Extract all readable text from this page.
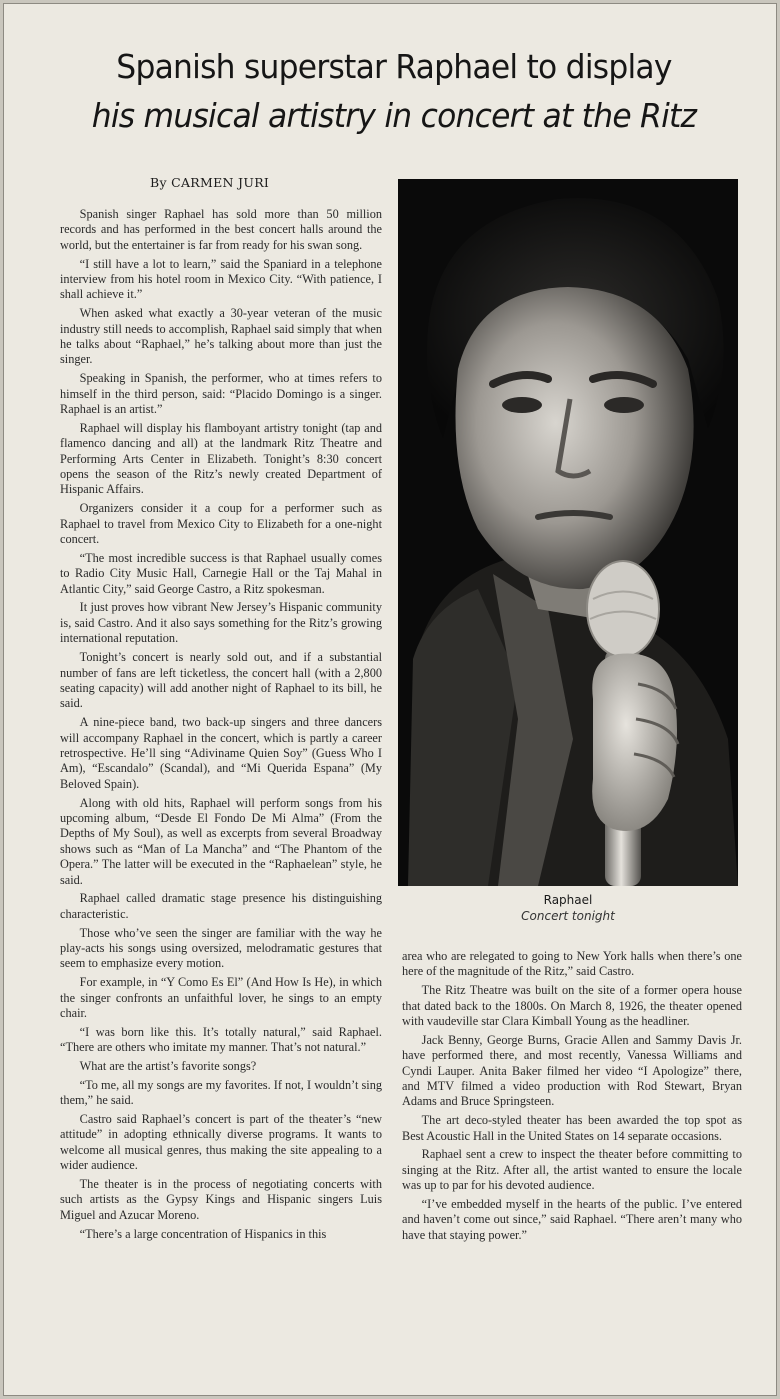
Spanish superstar Raphael to display
his musical artistry in concert at the Ritz
By CARMEN JURI

Spanish singer Raphael has sold more than 50 million records and has performed in the best concert halls around the world, but the entertainer is far from ready for his swan song.

“I still have a lot to learn,” said the Spaniard in a telephone interview from his hotel room in Mexico City. “With patience, I shall achieve it.”

When asked what exactly a 30-year veteran of the music industry still needs to accomplish, Raphael said simply that when he talks about “Raphael,” he’s talking about more than just the singer.

Speaking in Spanish, the performer, who at times refers to himself in the third person, said: “Placido Domingo is a singer. Raphael is an artist.”

Raphael will display his flamboyant artistry tonight (tap and flamenco dancing and all) at the landmark Ritz Theatre and Performing Arts Center in Elizabeth. Tonight’s 8:30 concert opens the season of the Ritz’s newly created Department of Hispanic Affairs.

Organizers consider it a coup for a performer such as Raphael to travel from Mexico City to Elizabeth for a one-night concert.

“The most incredible success is that Raphael usually comes to Radio City Music Hall, Carnegie Hall or the Taj Mahal in Atlantic City,” said George Castro, a Ritz spokesman.

It just proves how vibrant New Jersey’s Hispanic community is, said Castro. And it also says something for the Ritz’s growing international reputation.

Tonight’s concert is nearly sold out, and if a substantial number of fans are left ticketless, the concert hall (with a 2,800 seating capacity) will add another night of Raphael to its bill, he said.

A nine-piece band, two back-up singers and three dancers will accompany Raphael in the concert, which is partly a career retrospective. He’ll sing “Adiviname Quien Soy” (Guess Who I Am), “Escandalo” (Scandal), and “Mi Querida Espana” (My Beloved Spain).

Along with old hits, Raphael will perform songs from his upcoming album, “Desde El Fondo De Mi Alma” (From the Depths of My Soul), as well as excerpts from several Broadway shows such as “Man of La Mancha” and “The Phantom of the Opera.” The latter will be executed in the “Raphaelean” style, he said.

Raphael called dramatic stage presence his distinguishing characteristic.

Those who’ve seen the singer are familiar with the way he play-acts his songs using oversized, melodramatic gestures that seem to emphasize every motion.

For example, in “Y Como Es El” (And How Is He), in which the singer confronts an unfaithful lover, he sings to an empty chair.

“I was born like this. It’s totally natural,” said Raphael. “There are others who imitate my manner. That’s not natural.”

What are the artist’s favorite songs?

“To me, all my songs are my favorites. If not, I wouldn’t sing them,” he said.

Castro said Raphael’s concert is part of the theater’s “new attitude” in adopting ethnically diverse programs. It wants to welcome all musical genres, thus making the site appealing to a wider audience.

The theater is in the process of negotiating concerts with such artists as the Gypsy Kings and Hispanic singers Luis Miguel and Azucar Moreno.

“There’s a large concentration of Hispanics in this

Raphael
Concert tonight

area who are relegated to going to New York halls when there’s one here of the magnitude of the Ritz,” said Castro.

The Ritz Theatre was built on the site of a former opera house that dated back to the 1800s. On March 8, 1926, the theater opened with vaudeville star Clara Kimball Young as the headliner.

Jack Benny, George Burns, Gracie Allen and Sammy Davis Jr. have performed there, and most recently, Vanessa Williams and Cyndi Lauper. Anita Baker filmed her video “I Apologize” there, and MTV filmed a video production with Rod Stewart, Bryan Adams and Bruce Springsteen.

The art deco-styled theater has been awarded the top spot as Best Acoustic Hall in the United States on 14 separate occasions.

Raphael sent a crew to inspect the theater before committing to singing at the Ritz. After all, the artist wanted to ensure the locale was up to par for his devoted audience.

“I’ve embedded myself in the hearts of the public. I’ve entered and haven’t come out since,” said Raphael. “There aren’t many who have that staying power.”
